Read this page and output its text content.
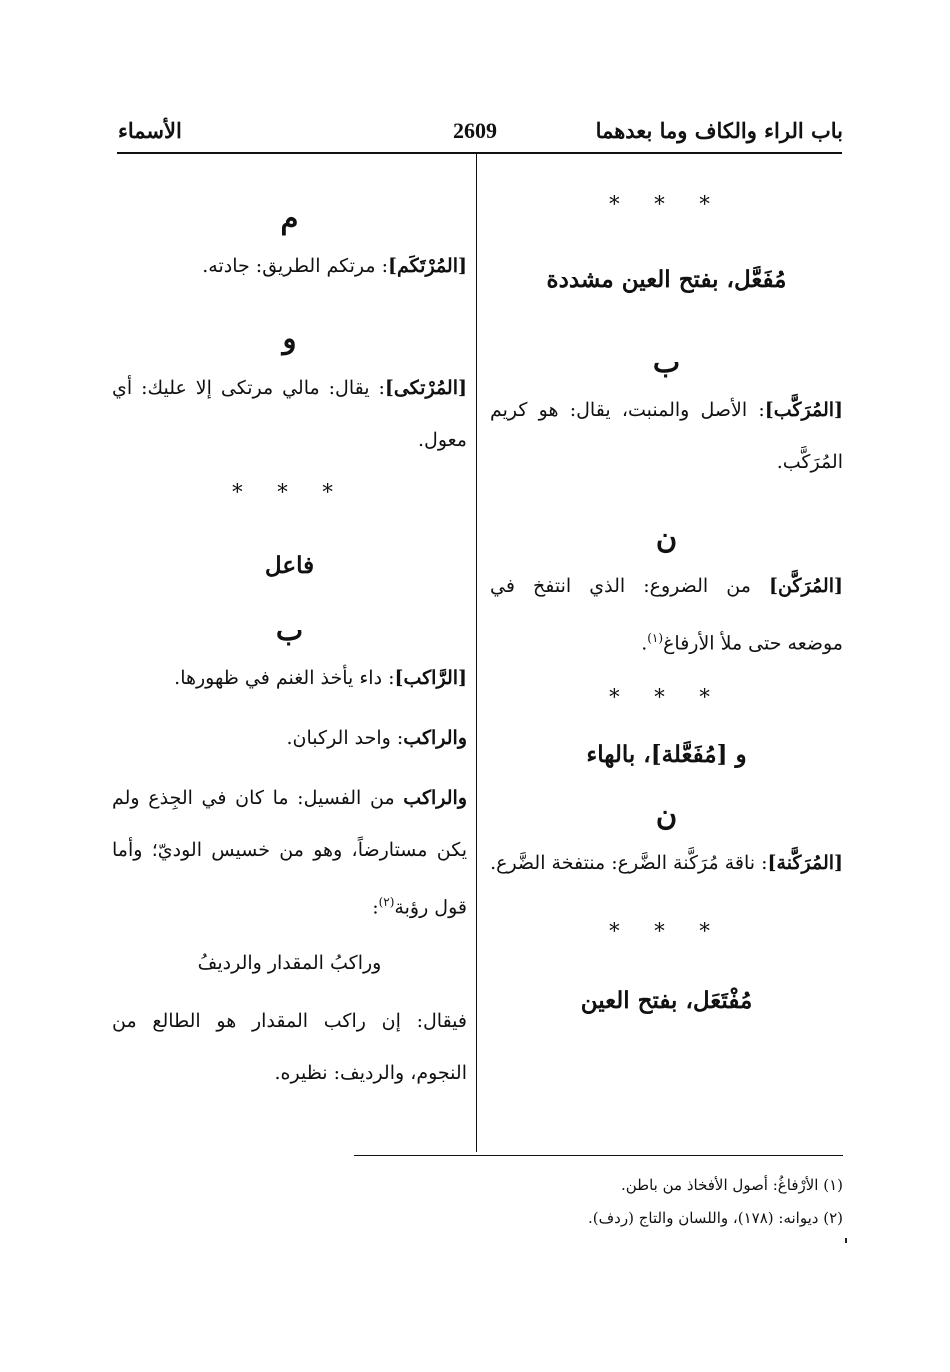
باب الراء والكاف وما بعدهما
2609
الأسماء

* * *

مُفَعَّل، بفتح العين مشددة

ب

[المُرَكَّب]: الأصل والمنبت، يقال: هو كريم المُرَكَّب.

ن

[المُرَكَّن] من الضروع: الذي انتفخ في موضعه حتى ملأ الأرفاغ$^{(١)}$.

* * *

و [مُفَعَّلة]، بالهاء

ن

[المُرَكَّنة]: ناقة مُرَكَّنة الضَّرع: منتفخة الضَّرع.

* * *

مُفْتَعَل، بفتح العين

م

[المُرْتَكَم]: مرتكم الطريق: جادته.

و

[المُرْتكى]: يقال: مالي مرتكى إلا عليك: أي معول.

* * *

فاعل

ب

[الرَّاكب]: داء يأخذ الغنم في ظهورها.

والراكب: واحد الركبان.

والراكب من الفسيل: ما كان في الجِذع ولم يكن مستارضاً، وهو من خسيس الوديّ؛ وأما قول رؤبة$^{(٢)}$:

وراكبُ المقدار والرديفُ

فيقال: إن راكب المقدار هو الطالع من النجوم، والرديف: نظيره.

(١) الأرْفاغُ: أصول الأفخاذ من باطن.
(٢) ديوانه: (١٧٨)، واللسان والتاج (ردف).
